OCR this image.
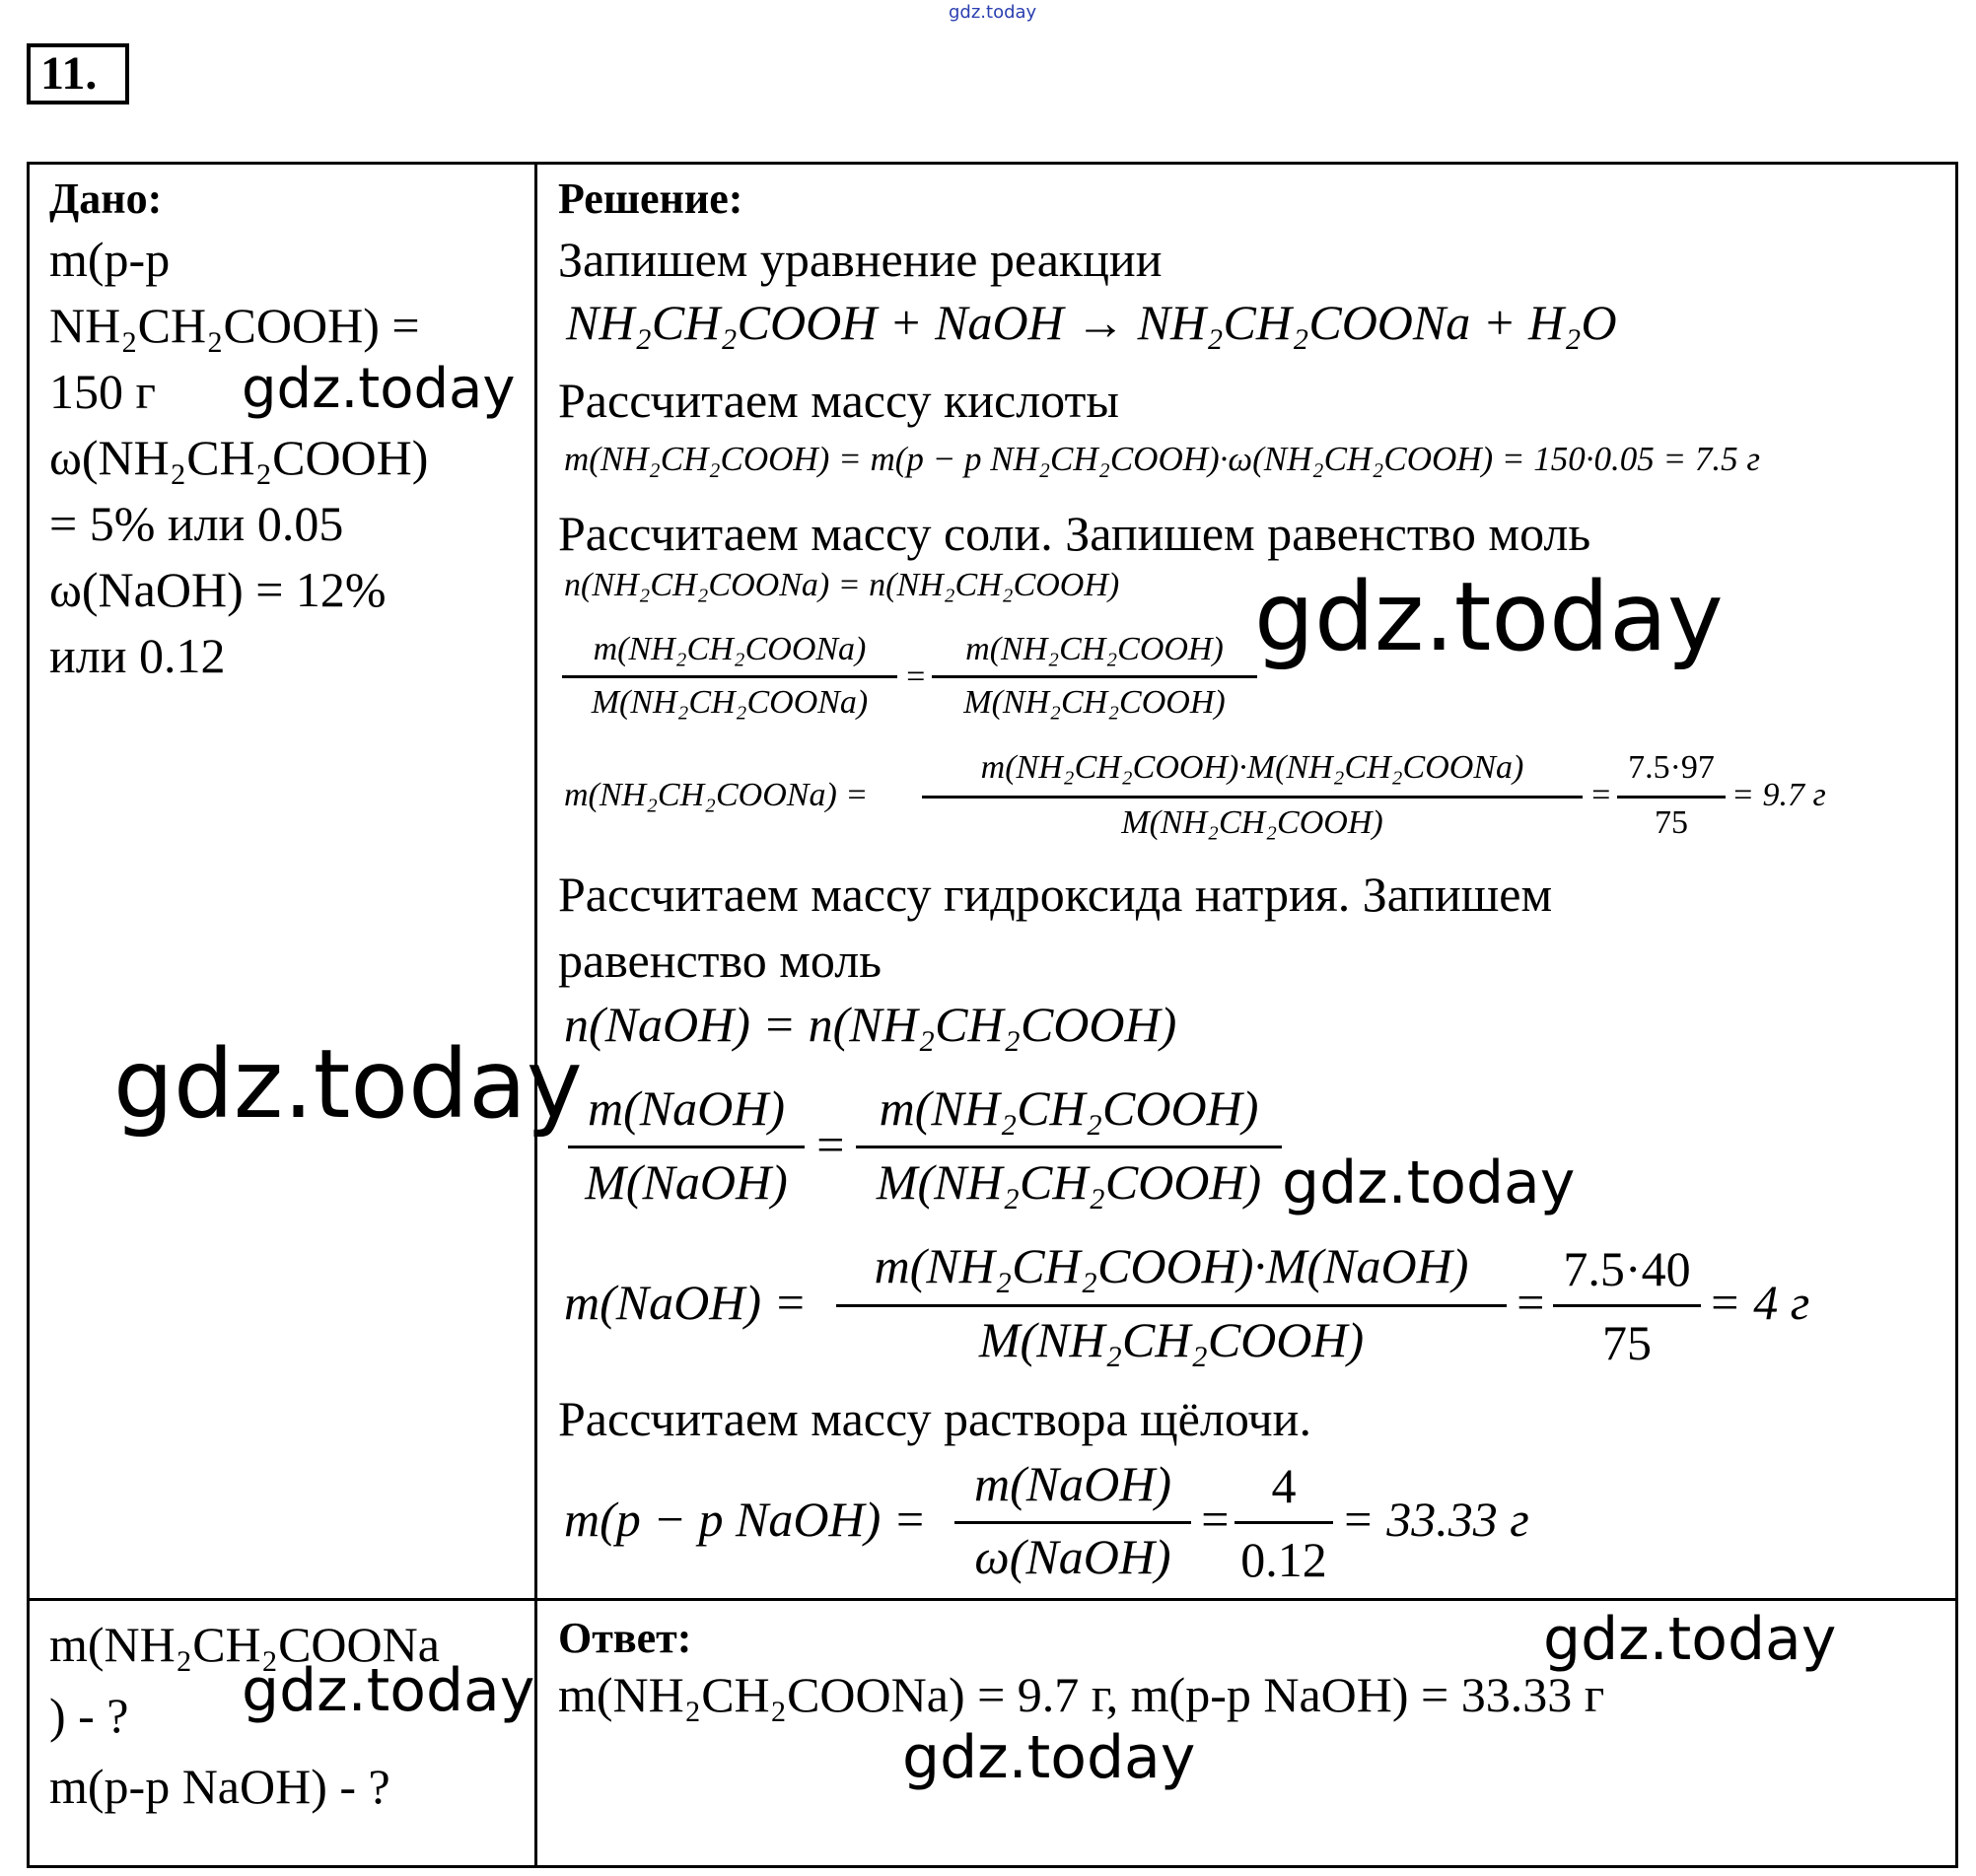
gdz.today
11.
Дано:
m(р-р
NH₂CH₂COOH) =
150 г
ω(NH₂CH₂COOH)
= 5% или 0.05
ω(NaOH) = 12%
или 0.12
m(NH₂CH₂COONa
) - ?
m(р-р NaOH) - ?
Решение:
Запишем уравнение реакции
NH₂CH₂COOH + NaOH → NH₂CH₂COONa + H₂O
Рассчитаем массу кислоты
m(NH₂CH₂COOH) = m(p − p NH₂CH₂COOH)·ω(NH₂CH₂COOH) = 150·0.05 = 7.5 г
Рассчитаем массу соли. Запишем равенство моль
n(NH₂CH₂COONa) = n(NH₂CH₂COOH)
m(NH₂CH₂COONa)
M(NH₂CH₂COONa)
=
m(NH₂CH₂COOH)
M(NH₂CH₂COOH)
m(NH₂CH₂COONa) =
m(NH₂CH₂COOH)·M(NH₂CH₂COONa)
M(NH₂CH₂COOH)
=
7.5·97
75
= 9.7 г
Рассчитаем массу гидроксида натрия. Запишем
равенство моль
n(NaOH) = n(NH₂CH₂COOH)
m(NaOH)
M(NaOH)
=
m(NH₂CH₂COOH)
M(NH₂CH₂COOH)
m(NaOH) =
m(NH₂CH₂COOH)·M(NaOH)
M(NH₂CH₂COOH)
=
7.5·40
75
= 4 г
Рассчитаем массу раствора щёлочи.
m(p − p NaOH) =
m(NaOH)
ω(NaOH)
=
4
0.12
= 33.33 г
Ответ:
m(NH₂CH₂COONa) = 9.7 г, m(р-р NaOH) = 33.33 г
gdz.today
gdz.today
gdz.today
gdz.today
gdz.today
gdz.today
gdz.today
